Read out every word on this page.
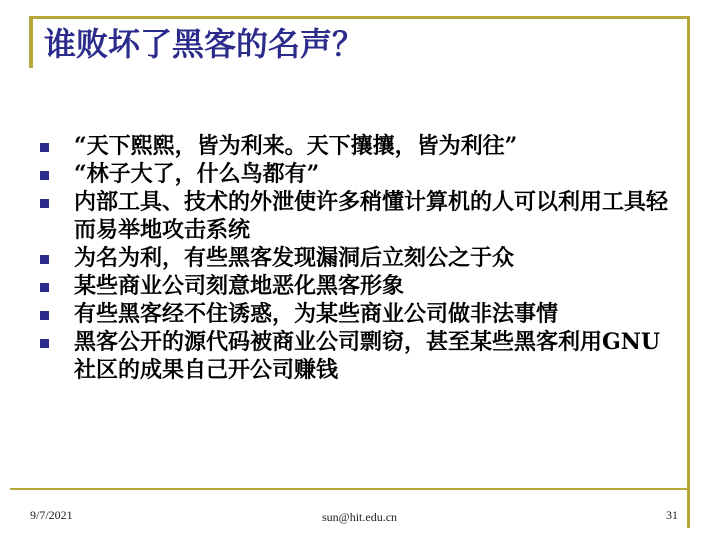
谁败坏了黑客的名声？
“天下熙熙，皆为利来。天下攘攘，皆为利往”
“林子大了，什么鸟都有”
内部工具、技术的外泄使许多稍懂计算机的人可以利用工具轻而易举地攻击系统
为名为利，有些黑客发现漏洞后立刻公之于众
某些商业公司刻意地恶化黑客形象
有些黑客经不住诱惑，为某些商业公司做非法事情
黑客公开的源代码被商业公司剽窃，甚至某些黑客利用GNU社区的成果自己开公司赚钱
9/7/2021	sun@hit.edu.cn	31
